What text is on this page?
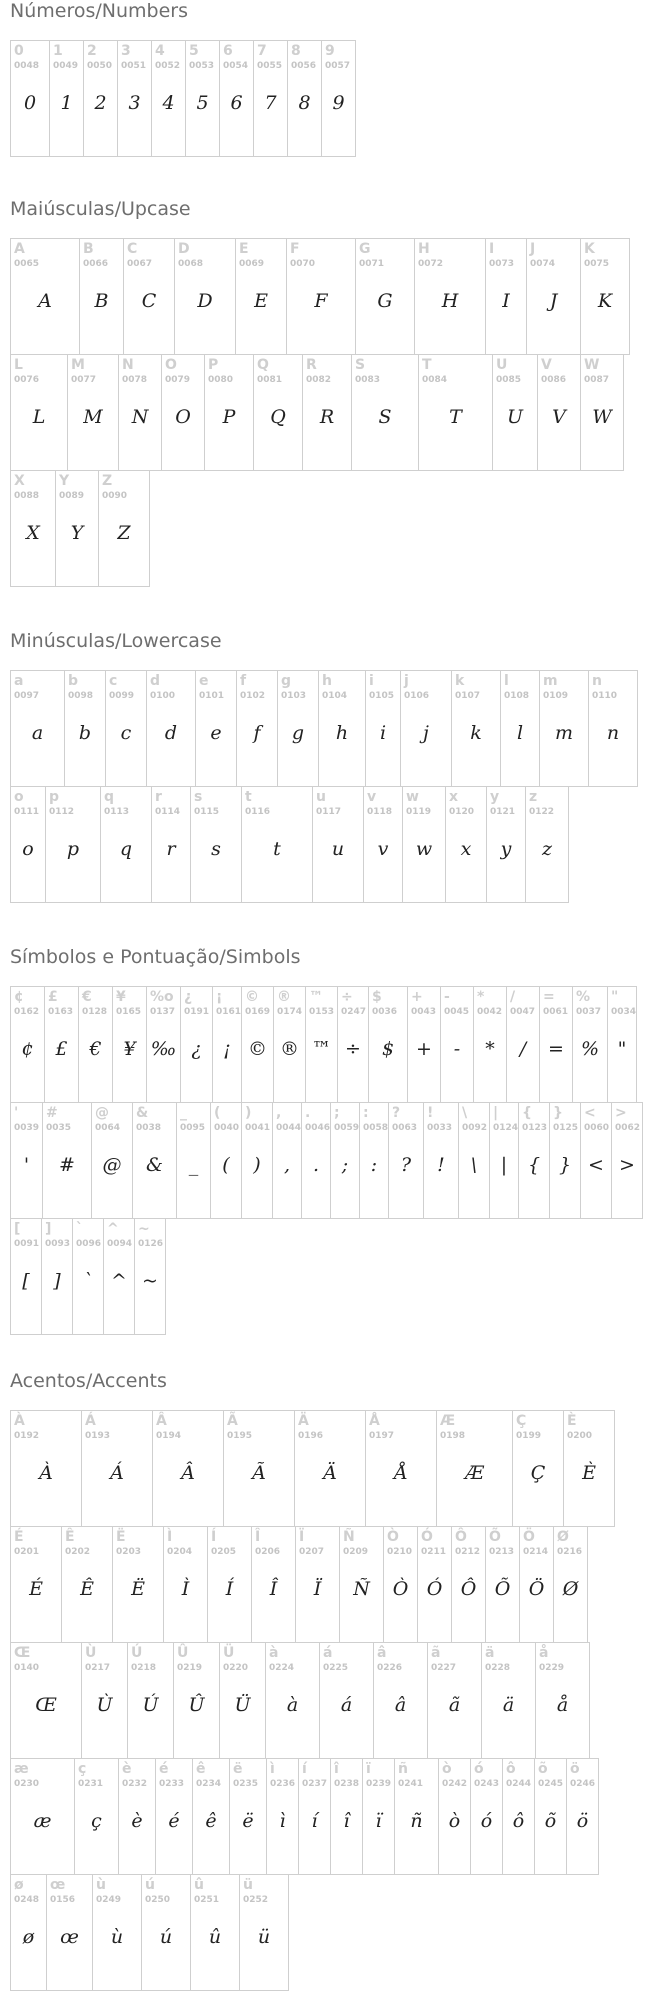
Números/Numbers
0
0048
0
1
0049
1
2
0050
2
3
0051
3
4
0052
4
5
0053
5
6
0054
6
7
0055
7
8
0056
8
9
0057
9
Maiúsculas/Upcase
A
0065
A
B
0066
B
C
0067
C
D
0068
D
E
0069
E
F
0070
F
G
0071
G
H
0072
H
I
0073
I
J
0074
J
K
0075
K
L
0076
L
M
0077
M
N
0078
N
O
0079
O
P
0080
P
Q
0081
Q
R
0082
R
S
0083
S
T
0084
T
U
0085
U
V
0086
V
W
0087
W
X
0088
X
Y
0089
Y
Z
0090
Z
Minúsculas/Lowercase
a
0097
a
b
0098
b
c
0099
c
d
0100
d
e
0101
e
f
0102
f
g
0103
g
h
0104
h
i
0105
i
j
0106
j
k
0107
k
l
0108
l
m
0109
m
n
0110
n
o
0111
o
p
0112
p
q
0113
q
r
0114
r
s
0115
s
t
0116
t
u
0117
u
v
0118
v
w
0119
w
x
0120
x
y
0121
y
z
0122
z
Símbolos e Pontuação/Simbols
¢
0162
¢
£
0163
£
€
0128
€
¥
0165
¥
%o
0137
‰
¿
0191
¿
¡
0161
¡
©
0169
©
®
0174
®
™
0153
™
÷
0247
÷
$
0036
$
+
0043
+
-
0045
-
*
0042
*
/
0047
/
=
0061
=
%
0037
%
"
0034
"
'
0039
'
#
0035
#
@
0064
@
&
0038
&
_
0095
_
(
0040
(
)
0041
)
,
0044
,
.
0046
.
;
0059
;
:
0058
:
?
0063
?
!
0033
!
\
0092
\
|
0124
|
{
0123
{
}
0125
}
<
0060
<
>
0062
>
[
0091
[
]
0093
]
`
0096
`
^
0094
^
~
0126
~
Acentos/Accents
À
0192
À
Á
0193
Á
Â
0194
Â
Ã
0195
Ã
Ä
0196
Ä
Å
0197
Å
Æ
0198
Æ
Ç
0199
Ç
È
0200
È
É
0201
É
Ê
0202
Ê
Ë
0203
Ë
Ì
0204
Ì
Í
0205
Í
Î
0206
Î
Ï
0207
Ï
Ñ
0209
Ñ
Ò
0210
Ò
Ó
0211
Ó
Ô
0212
Ô
Õ
0213
Õ
Ö
0214
Ö
Ø
0216
Ø
Œ
0140
Œ
Ù
0217
Ù
Ú
0218
Ú
Û
0219
Û
Ü
0220
Ü
à
0224
à
á
0225
á
â
0226
â
ã
0227
ã
ä
0228
ä
å
0229
å
æ
0230
æ
ç
0231
ç
è
0232
è
é
0233
é
ê
0234
ê
ë
0235
ë
ì
0236
ì
í
0237
í
î
0238
î
ï
0239
ï
ñ
0241
ñ
ò
0242
ò
ó
0243
ó
ô
0244
ô
õ
0245
õ
ö
0246
ö
ø
0248
ø
œ
0156
œ
ù
0249
ù
ú
0250
ú
û
0251
û
ü
0252
ü
